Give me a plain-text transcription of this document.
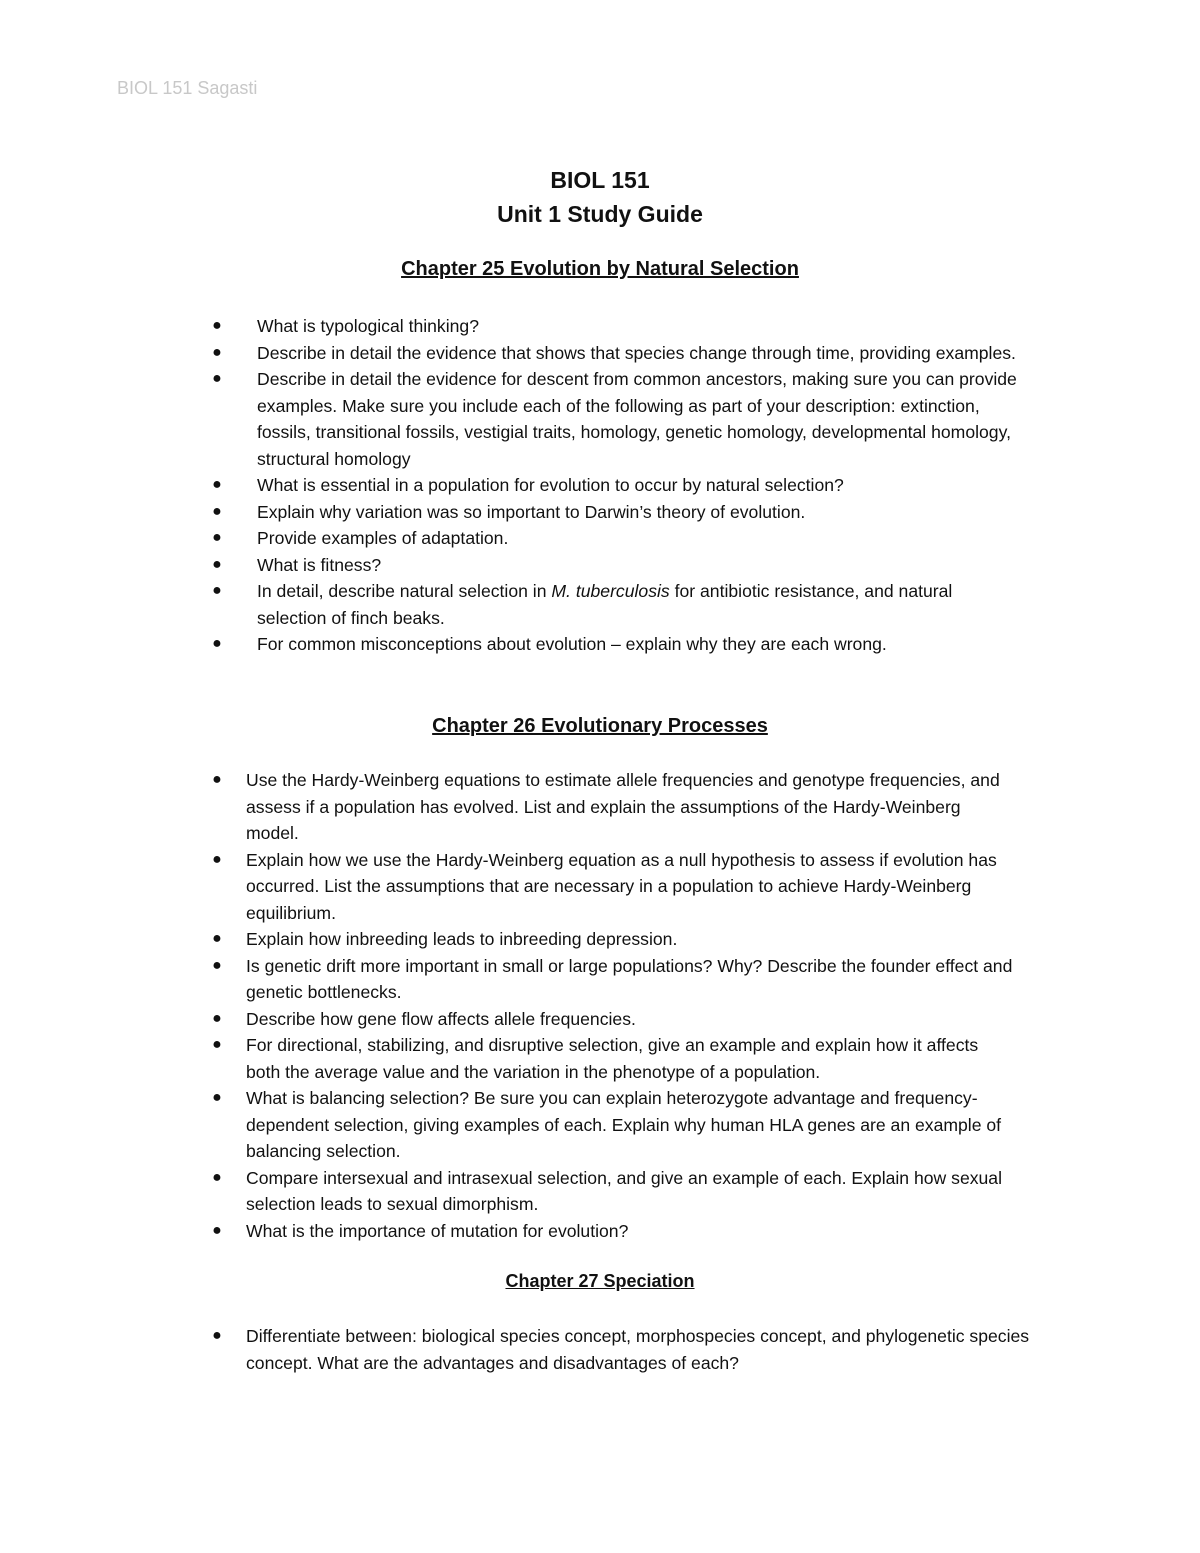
BIOL 151 Sagasti
BIOL 151
Unit 1 Study Guide
Chapter 25 Evolution by Natural Selection
● What is typological thinking?
● Describe in detail the evidence that shows that species change through time, providing examples.
● Describe in detail the evidence for descent from common ancestors, making sure you can provide examples. Make sure you include each of the following as part of your description: extinction, fossils, transitional fossils, vestigial traits, homology, genetic homology, developmental homology, structural homology
● What is essential in a population for evolution to occur by natural selection?
● Explain why variation was so important to Darwin’s theory of evolution.
● Provide examples of adaptation.
● What is fitness?
● In detail, describe natural selection in M. tuberculosis for antibiotic resistance, and natural selection of finch beaks.
● For common misconceptions about evolution – explain why they are each wrong.
Chapter 26 Evolutionary Processes
● Use the Hardy-Weinberg equations to estimate allele frequencies and genotype frequencies, and assess if a population has evolved. List and explain the assumptions of the Hardy-Weinberg model.
● Explain how we use the Hardy-Weinberg equation as a null hypothesis to assess if evolution has occurred. List the assumptions that are necessary in a population to achieve Hardy-Weinberg equilibrium.
● Explain how inbreeding leads to inbreeding depression.
● Is genetic drift more important in small or large populations? Why? Describe the founder effect and genetic bottlenecks.
● Describe how gene flow affects allele frequencies.
● For directional, stabilizing, and disruptive selection, give an example and explain how it affects both the average value and the variation in the phenotype of a population.
● What is balancing selection? Be sure you can explain heterozygote advantage and frequency-dependent selection, giving examples of each. Explain why human HLA genes are an example of balancing selection.
● Compare intersexual and intrasexual selection, and give an example of each. Explain how sexual selection leads to sexual dimorphism.
● What is the importance of mutation for evolution?
Chapter 27 Speciation
● Differentiate between: biological species concept, morphospecies concept, and phylogenetic species concept. What are the advantages and disadvantages of each?
